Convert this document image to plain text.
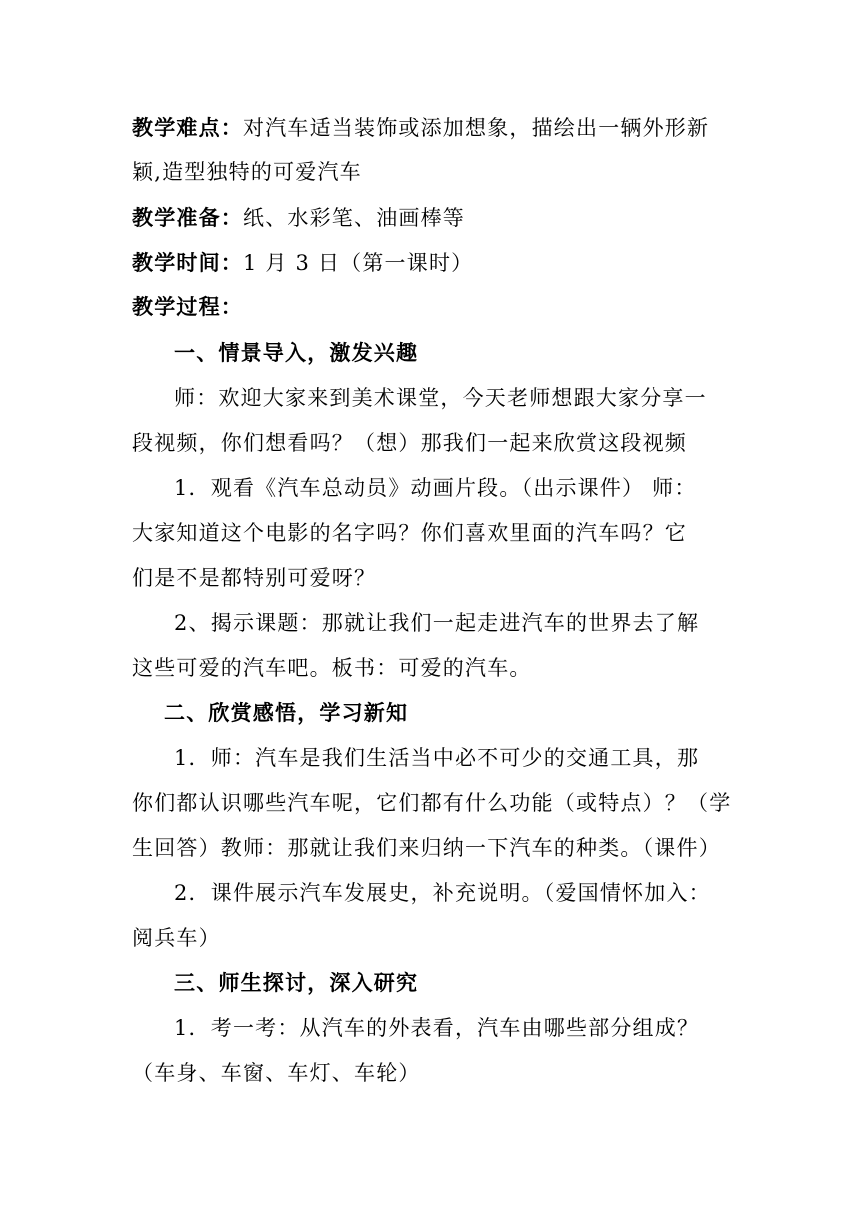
教学难点：对汽车适当装饰或添加想象，描绘出一辆外形新
颖,造型独特的可爱汽车
教学准备：纸、水彩笔、油画棒等
教学时间：1 月 3 日（第一课时）
教学过程：
一、情景导入，激发兴趣
师：欢迎大家来到美术课堂，今天老师想跟大家分享一
段视频，你们想看吗？（想）那我们一起来欣赏这段视频
1．观看《汽车总动员》动画片段。（出示课件） 师：
大家知道这个电影的名字吗？你们喜欢里面的汽车吗？它
们是不是都特别可爱呀？
2、揭示课题：那就让我们一起走进汽车的世界去了解
这些可爱的汽车吧。板书：可爱的汽车。
二、欣赏感悟，学习新知
1．师：汽车是我们生活当中必不可少的交通工具，那
你们都认识哪些汽车呢，它们都有什么功能（或特点）？（学
生回答）教师：那就让我们来归纳一下汽车的种类。（课件）
2．课件展示汽车发展史，补充说明。（爱国情怀加入：
阅兵车）
三、师生探讨，深入研究
1．考一考：从汽车的外表看，汽车由哪些部分组成？
（车身、车窗、车灯、车轮）
